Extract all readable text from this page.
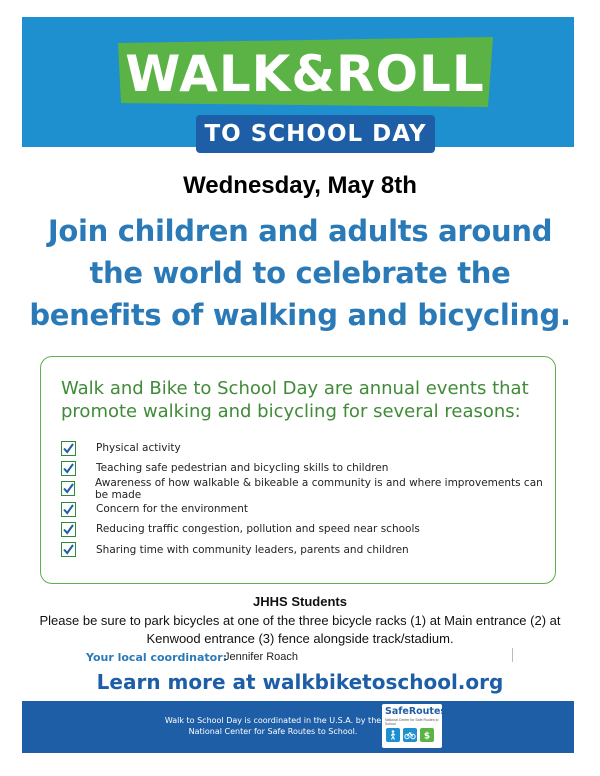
WALK&ROLL
TO SCHOOL DAY
Wednesday, May 8th
Join children and adults around the world to celebrate the benefits of walking and bicycling.
Walk and Bike to School Day are annual events that promote walking and bicycling for several reasons:
Physical activity
Teaching safe pedestrian and bicycling skills to children
Awareness of how walkable & bikeable a community is and where improvements can be made
Concern for the environment
Reducing traffic congestion, pollution and speed near schools
Sharing time with community leaders, parents and children
JHHS Students
Please be sure to park bicycles at one of the three bicycle racks (1) at Main entrance (2) at Kenwood entrance (3) fence alongside track/stadium.
Your local coordinator:
Jennifer Roach
Learn more at walkbiketoschool.org
Walk to School Day is coordinated in the U.S.A. by the National Center for Safe Routes to School.
SafeRoutes
National Center for Safe Routes to School
$
